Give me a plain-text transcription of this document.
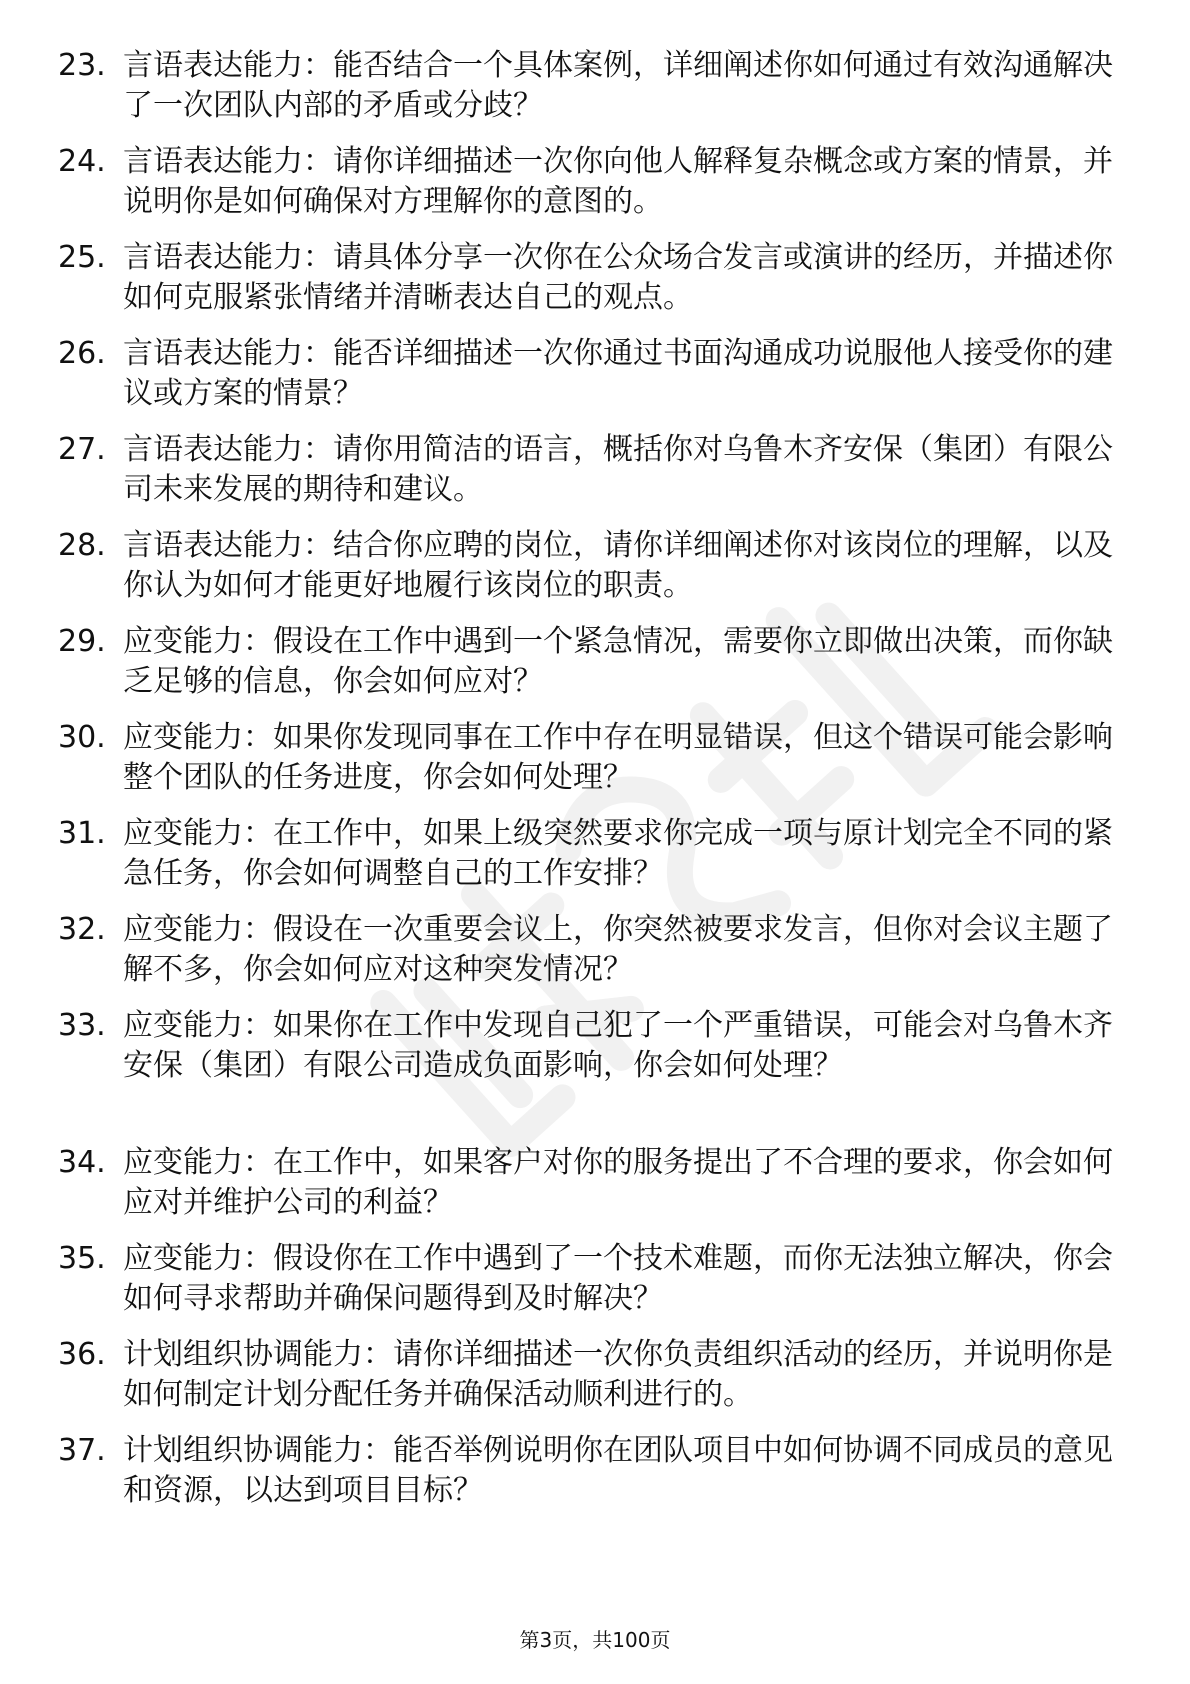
23. 言语表达能力：能否结合一个具体案例，详细阐述你如何通过有效沟通解决了一次团队内部的矛盾或分歧？
24. 言语表达能力：请你详细描述一次你向他人解释复杂概念或方案的情景，并说明你是如何确保对方理解你的意图的。
25. 言语表达能力：请具体分享一次你在公众场合发言或演讲的经历，并描述你如何克服紧张情绪并清晰表达自己的观点。
26. 言语表达能力：能否详细描述一次你通过书面沟通成功说服他人接受你的建议或方案的情景？
27. 言语表达能力：请你用简洁的语言，概括你对乌鲁木齐安保（集团）有限公司未来发展的期待和建议。
28. 言语表达能力：结合你应聘的岗位，请你详细阐述你对该岗位的理解，以及你认为如何才能更好地履行该岗位的职责。
29. 应变能力：假设在工作中遇到一个紧急情况，需要你立即做出决策，而你缺乏足够的信息，你会如何应对？
30. 应变能力：如果你发现同事在工作中存在明显错误，但这个错误可能会影响整个团队的任务进度，你会如何处理？
31. 应变能力：在工作中，如果上级突然要求你完成一项与原计划完全不同的紧急任务，你会如何调整自己的工作安排？
32. 应变能力：假设在一次重要会议上，你突然被要求发言，但你对会议主题了解不多，你会如何应对这种突发情况？
33. 应变能力：如果你在工作中发现自己犯了一个严重错误，可能会对乌鲁木齐安保（集团）有限公司造成负面影响，你会如何处理？
34. 应变能力：在工作中，如果客户对你的服务提出了不合理的要求，你会如何应对并维护公司的利益？
35. 应变能力：假设你在工作中遇到了一个技术难题，而你无法独立解决，你会如何寻求帮助并确保问题得到及时解决？
36. 计划组织协调能力：请你详细描述一次你负责组织活动的经历，并说明你是如何制定计划分配任务并确保活动顺利进行的。
37. 计划组织协调能力：能否举例说明你在团队项目中如何协调不同成员的意见和资源，以达到项目目标？
第3页，共100页
